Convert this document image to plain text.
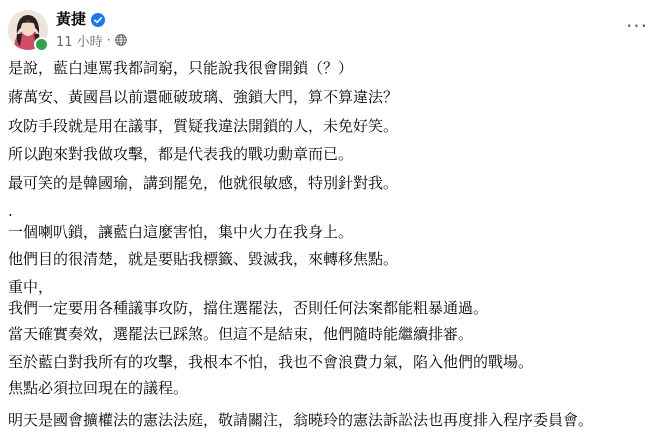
黃捷
11 小時 ·
···
是說，藍白連罵我都詞窮，只能說我很會開鎖（？）
蔣萬安、黃國昌以前還砸破玻璃、強鎖大門，算不算違法？
攻防手段就是用在議事，質疑我違法開鎖的人，未免好笑。
所以跑來對我做攻擊，都是代表我的戰功勳章而已。
最可笑的是韓國瑜，講到罷免，他就很敏感，特別針對我。
.
一個喇叭鎖，讓藍白這麼害怕，集中火力在我身上。
他們目的很清楚，就是要貼我標籤、毀滅我，來轉移焦點。
重中，
我們一定要用各種議事攻防，擋住選罷法，否則任何法案都能粗暴通過。
當天確實奏效，選罷法已踩煞。但這不是結束，他們隨時能繼續排審。
至於藍白對我所有的攻擊，我根本不怕，我也不會浪費力氣，陷入他們的戰場。
焦點必須拉回現在的議程。
明天是國會擴權法的憲法法庭，敬請關注，翁曉玲的憲法訴訟法也再度排入程序委員會。
